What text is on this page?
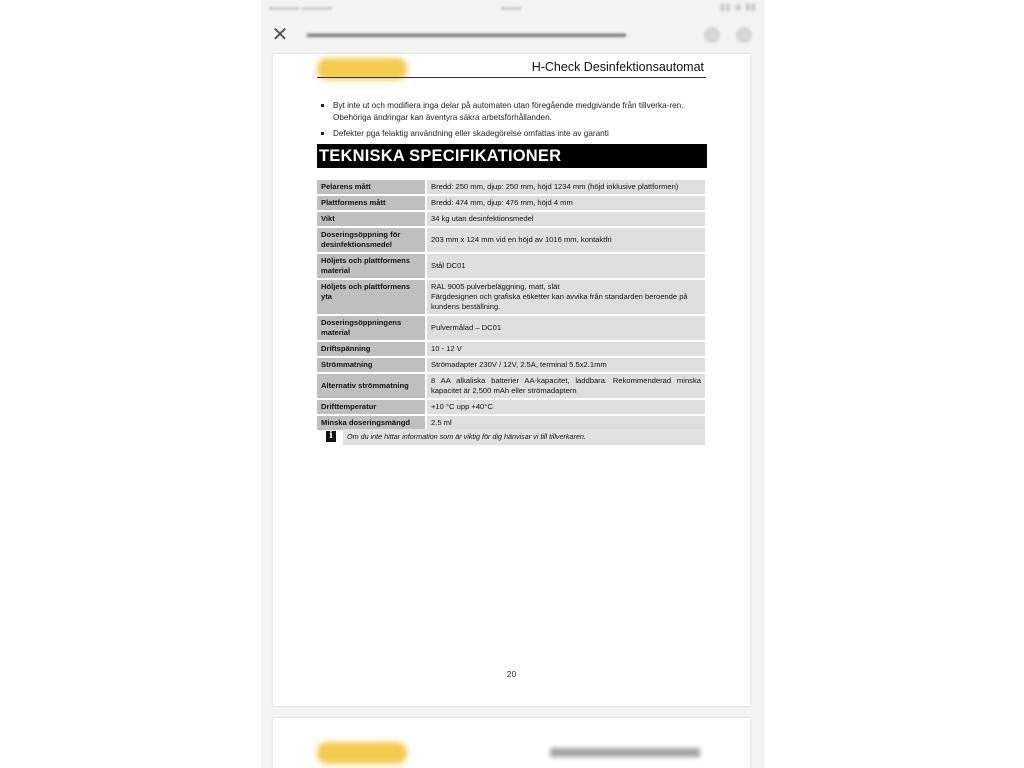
▬▬▬ ▬▬▬	▬▬	▮▮ ◉ ▮▮
✕ ▬▬▬▬▬▬▬▬▬▬▬▬▬▬▬▬▬▬▬▬▬▬▬▬▬▬▬▬▬
H-Check Desinfektionsautomat
Byt inte ut och modifiera inga delar på automaten utan föregående medgivande från tillverka-ren. Obehöriga ändringar kan äventyra säkra arbetsförhållanden.
Defekter pga felaktig användning eller skadegörelse omfattas inte av garanti
TEKNISKA SPECIFIKATIONER
Pelarens mått	Bredd: 250 mm, djup: 250 mm, höjd 1234 mm (höjd inklusive plattformen)
Plattformens mått	Bredd: 474 mm, djup: 476 mm, höjd 4 mm
Vikt	34 kg utan desinfektionsmedel
Doseringsöppning för desinfektionsmedel	203 mm x 124 mm vid en höjd av 1016 mm, kontaktfri
Höljets och plattformens material	Stål DC01
Höljets och plattformens yta	RAL 9005 pulverbeläggning, matt, slät
Färgdesignen och grafiska etiketter kan avvika från standarden beroende på kundens beställning.

Doseringsöppningens material	Pulvermålad – DC01
Driftspänning	10 - 12 V
Strömmatning	Strömadapter 230V / 12V, 2.5A, terminal 5.5x2.1mm
Alternativ strömmatning	8 AA alkaliska batterier AA-kapacitet, laddbara. Rekommenderad minska kapacitet är 2,500 mAh eller strömadaptern
Drifttemperatur	+10 °C upp +40°C
Minska doseringsmängd	2.5 ml
i	Om du inte hittar information som är viktig för dig hänvisar vi till tillverkaren.
20
